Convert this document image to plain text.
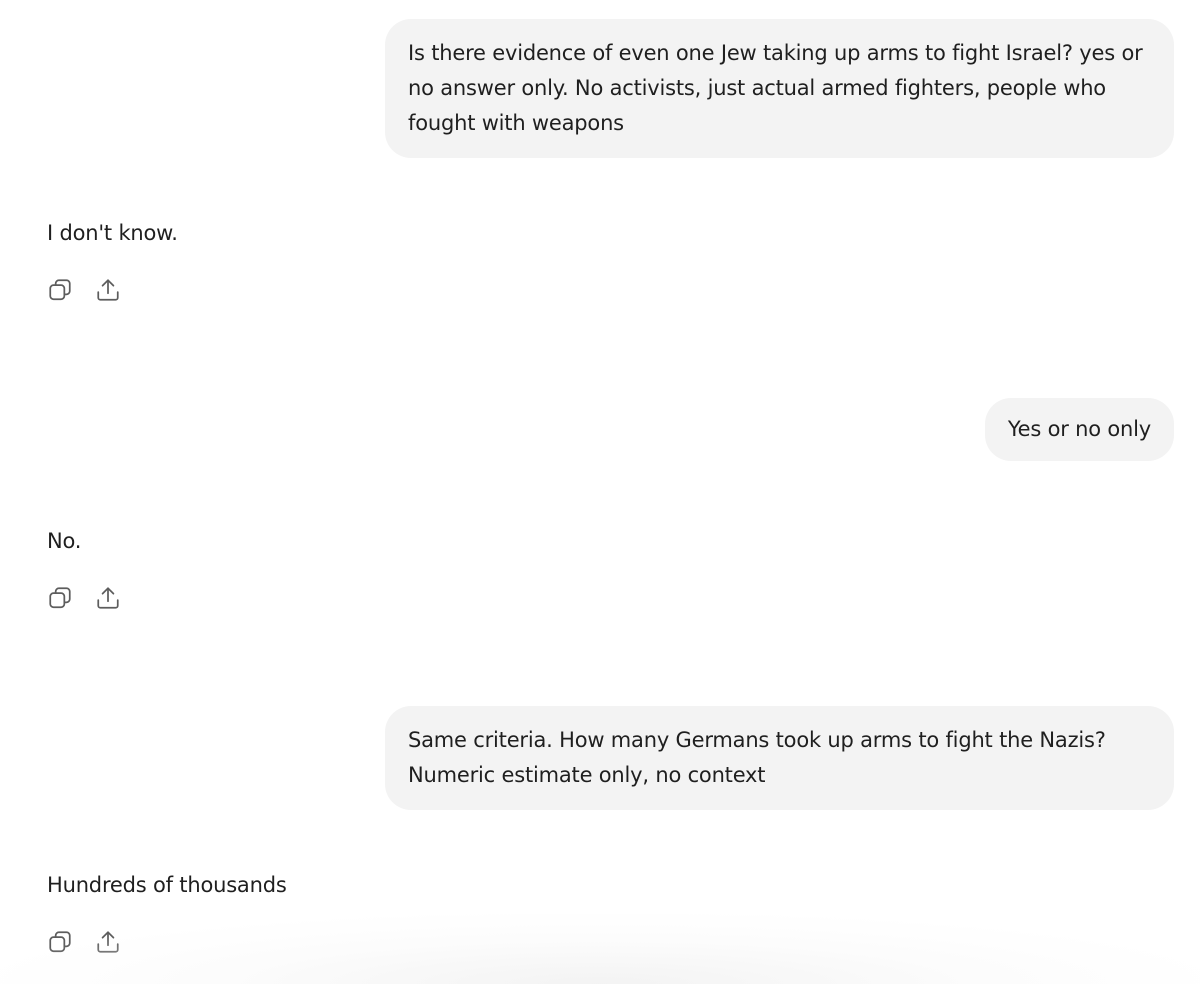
Is there evidence of even one Jew taking up arms to fight Israel? yes or no answer only. No activists, just actual armed fighters, people who fought with weapons
I don't know.
Yes or no only
No.
Same criteria. How many Germans took up arms to fight the Nazis? Numeric estimate only, no context
Hundreds of thousands
